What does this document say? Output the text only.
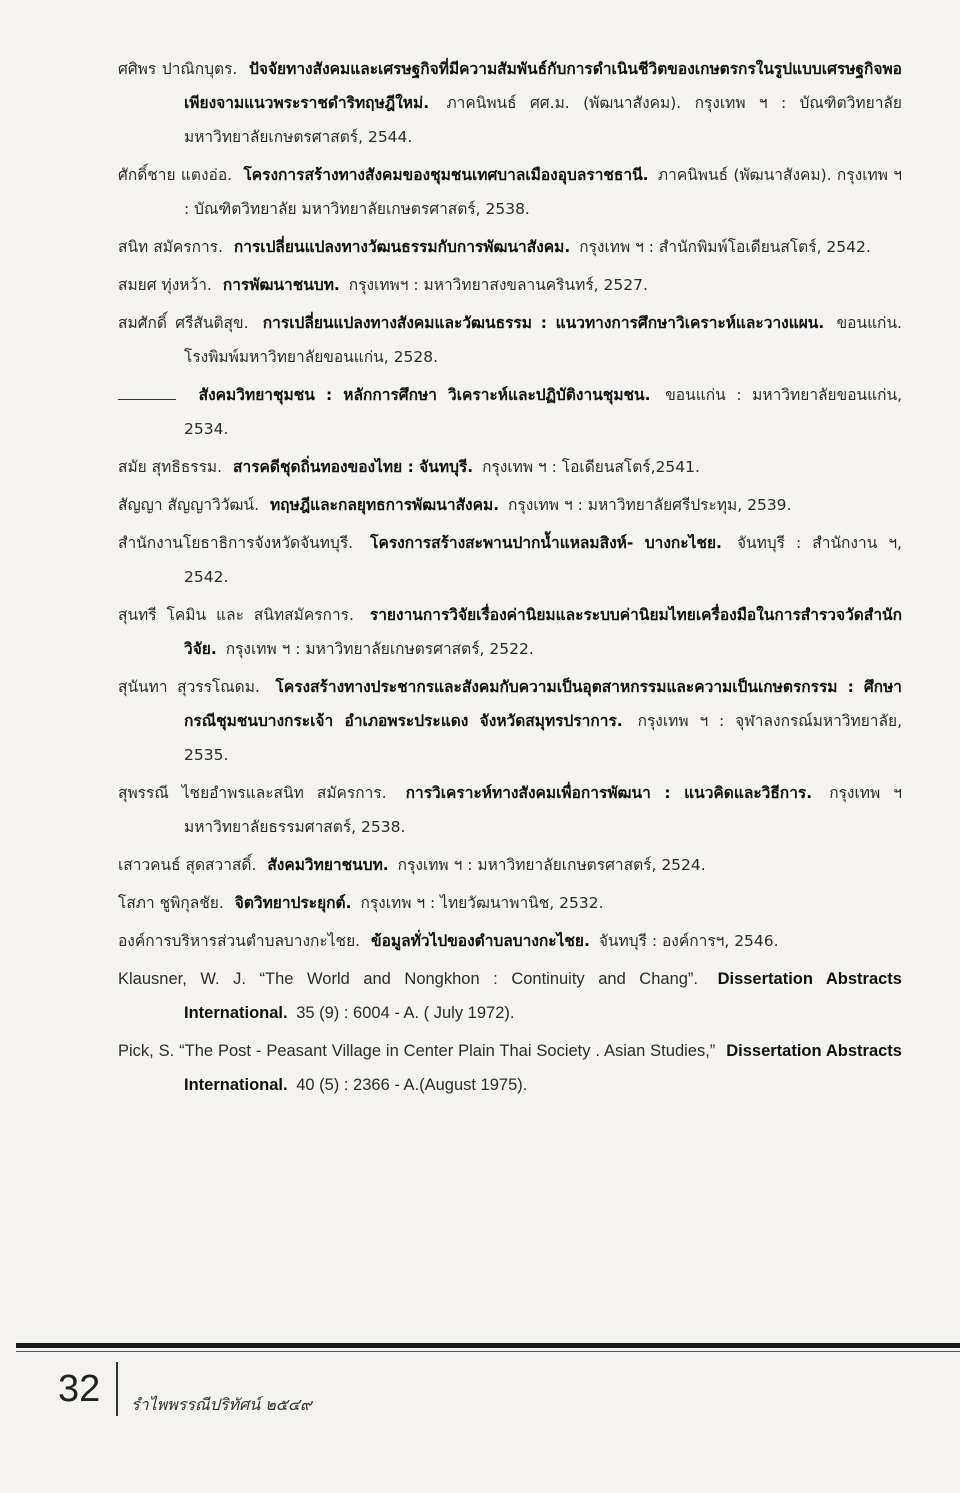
ศศิพร ปาณิกบุตร. ปัจจัยทางสังคมและเศรษฐกิจที่มีความสัมพันธ์กับการดำเนินชีวิตของเกษตรกรในรูปแบบเศรษฐกิจพอเพียงจามแนวพระราชดำริทฤษฎีใหม่. ภาคนิพนธ์ ศศ.ม. (พัฒนาสังคม). กรุงเทพ ฯ : บัณฑิตวิทยาลัย มหาวิทยาลัยเกษตรศาสตร์, 2544.
ศักดิ์ชาย แตงอ่อ. โครงการสร้างทางสังคมของชุมชนเทศบาลเมืองอุบลราชธานี. ภาคนิพนธ์ (พัฒนาสังคม). กรุงเทพ ฯ : บัณฑิตวิทยาลัย มหาวิทยาลัยเกษตรศาสตร์, 2538.
สนิท สมัครการ. การเปลี่ยนแปลงทางวัฒนธรรมกับการพัฒนาสังคม. กรุงเทพ ฯ : สำนักพิมพ์โอเดียนสโตร์, 2542.
สมยศ ทุ่งหว้า. การพัฒนาชนบท. กรุงเทพฯ : มหาวิทยาสงขลานครินทร์, 2527.
สมศักดิ์ ศรีสันติสุข. การเปลี่ยนแปลงทางสังคมและวัฒนธรรม : แนวทางการศึกษาวิเคราะห์และวางแผน. ขอนแก่น. โรงพิมพ์มหาวิทยาลัยขอนแก่น, 2528.
สังคมวิทยาชุมชน : หลักการศึกษา วิเคราะห์และปฏิบัติงานชุมชน. ขอนแก่น : มหาวิทยาลัยขอนแก่น, 2534.
สมัย สุทธิธรรม. สารคดีชุดถิ่นทองของไทย : จันทบุรี. กรุงเทพ ฯ : โอเดียนสโตร์,2541.
สัญญา สัญญาวิวัฒน์. ทฤษฎีและกลยุทธการพัฒนาสังคม. กรุงเทพ ฯ : มหาวิทยาลัยศรีประทุม, 2539.
สำนักงานโยธาธิการจังหวัดจันทบุรี. โครงการสร้างสะพานปากน้ำแหลมสิงห์- บางกะไชย. จันทบุรี : สำนักงาน ฯ, 2542.
สุนทรี โคมิน และ สนิทสมัครการ. รายงานการวิจัยเรื่องค่านิยมและระบบค่านิยมไทยเครื่องมือในการสำรวจวัดสำนักวิจัย. กรุงเทพ ฯ : มหาวิทยาลัยเกษตรศาสตร์, 2522.
สุนันทา สุวรรโณดม. โครงสร้างทางประชากรและสังคมกับความเป็นอุตสาหกรรมและความเป็นเกษตรกรรม : ศึกษากรณีชุมชนบางกระเจ้า อำเภอพระประแดง จังหวัดสมุทรปราการ. กรุงเทพ ฯ : จุฬาลงกรณ์มหาวิทยาลัย, 2535.
สุพรรณี ไชยอำพรและสนิท สมัครการ. การวิเคราะห์ทางสังคมเพื่อการพัฒนา : แนวคิดและวิธีการ. กรุงเทพ ฯ มหาวิทยาลัยธรรมศาสตร์, 2538.
เสาวคนธ์ สุดสวาสดิ์. สังคมวิทยาชนบท. กรุงเทพ ฯ : มหาวิทยาลัยเกษตรศาสตร์, 2524.
โสภา ชูพิกุลชัย. จิตวิทยาประยุกต์. กรุงเทพ ฯ : ไทยวัฒนาพานิช, 2532.
องค์การบริหารส่วนตำบลบางกะไชย. ข้อมูลทั่วไปของตำบลบางกะไชย. จันทบุรี : องค์การฯ, 2546.
Klausner, W. J. “The World and Nongkhon : Continuity and Chang”. Dissertation Abstracts International. 35 (9) : 6004 - A. ( July 1972).
Pick, S. “The Post - Peasant Village in Center Plain Thai Society . Asian Studies,” Dissertation Abstracts International. 40 (5) : 2366 - A.(August 1975).
32 รำไพพรรณีปริทัศน์ ๒๕๔๙
